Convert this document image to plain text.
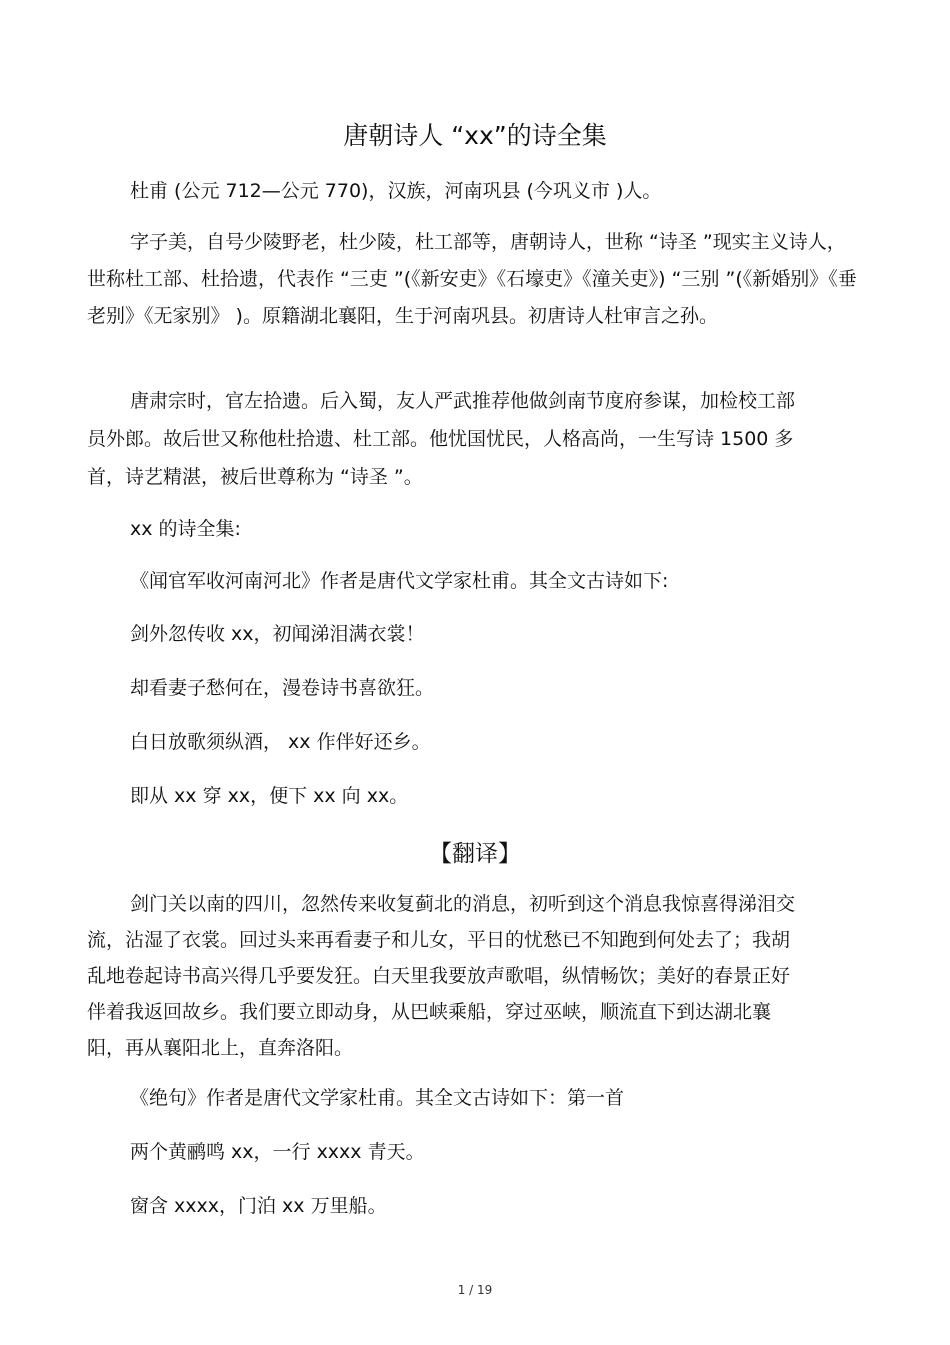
唐朝诗人 “xx”的诗全集

杜甫 (公元 712—公元 770)，汉族，河南巩县 (今巩义市 )人。

字子美，自号少陵野老，杜少陵，杜工部等，唐朝诗人，世称 “诗圣 ”现实主义诗人，世称杜工部、杜拾遗，代表作 “三吏 ”(《新安吏》《石壕吏》《潼关吏》) “三别 ”(《新婚别》《垂老别》《无家别》 )。原籍湖北襄阳，生于河南巩县。初唐诗人杜审言之孙。

唐肃宗时，官左拾遗。后入蜀，友人严武推荐他做剑南节度府参谋，加检校工部员外郎。故后世又称他杜拾遗、杜工部。他忧国忧民，人格高尚，一生写诗 1500 多首，诗艺精湛，被后世尊称为 “诗圣 ”。

xx 的诗全集:

《闻官军收河南河北》作者是唐代文学家杜甫。其全文古诗如下:

剑外忽传收 xx，初闻涕泪满衣裳！

却看妻子愁何在，漫卷诗书喜欲狂。

白日放歌须纵酒， xx 作伴好还乡。

即从 xx 穿 xx，便下 xx 向 xx。

【翻译】

剑门关以南的四川，忽然传来收复蓟北的消息，初听到这个消息我惊喜得涕泪交流，沾湿了衣裳。回过头来再看妻子和儿女，平日的忧愁已不知跑到何处去了；我胡乱地卷起诗书高兴得几乎要发狂。白天里我要放声歌唱，纵情畅饮；美好的春景正好伴着我返回故乡。我们要立即动身，从巴峡乘船，穿过巫峡，顺流直下到达湖北襄阳，再从襄阳北上，直奔洛阳。

《绝句》作者是唐代文学家杜甫。其全文古诗如下：第一首

两个黄鹂鸣 xx，一行 xxxx 青天。

窗含 xxxx，门泊 xx 万里船。

1 / 19
